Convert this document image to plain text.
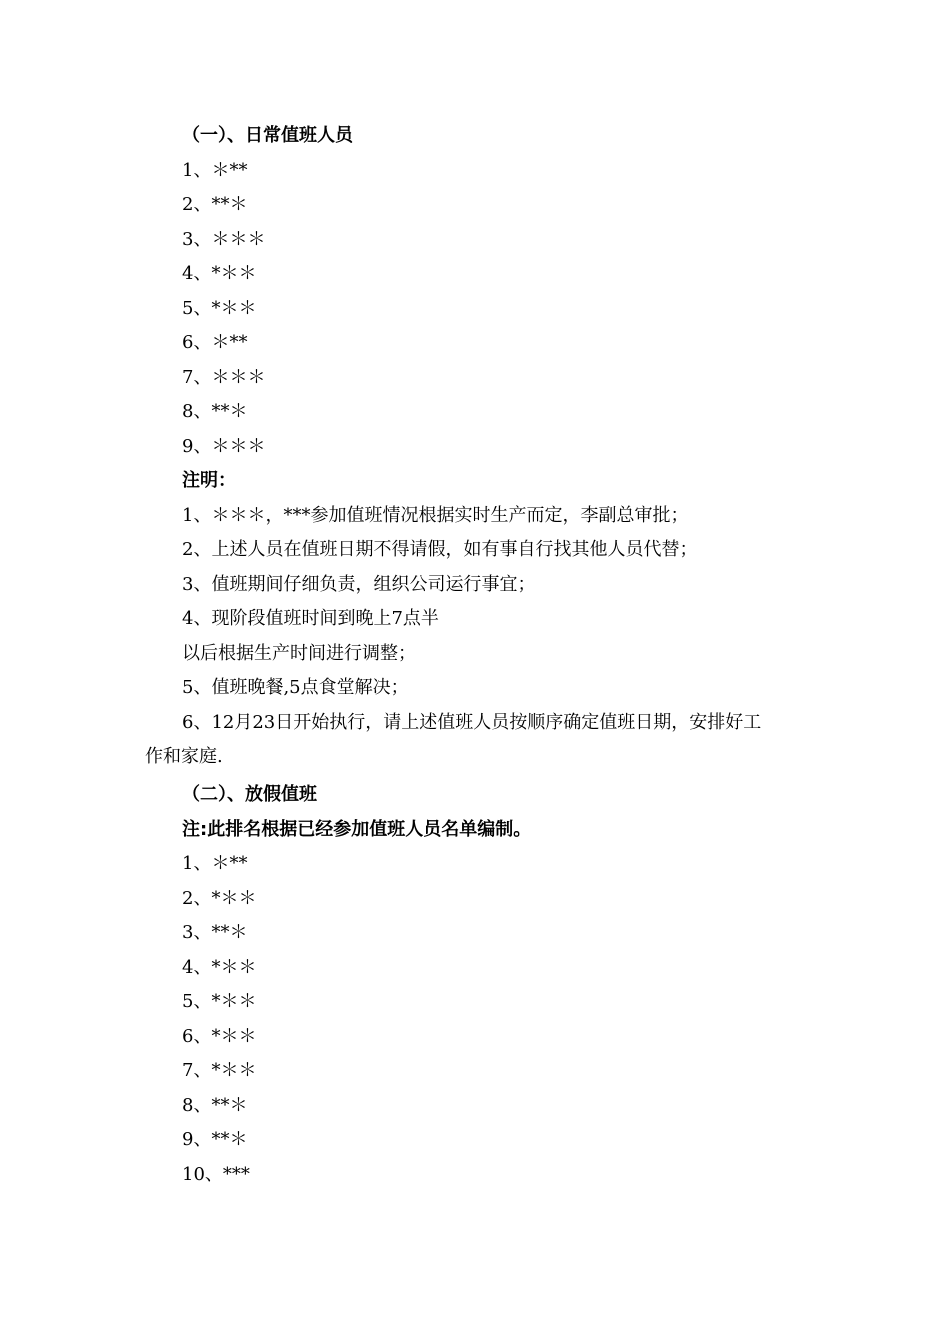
（一）、日常值班人员
1、＊**
2、**＊
3、＊＊＊
4、*＊＊
5、*＊＊
6、＊**
7、＊＊＊
8、**＊
9、＊＊＊
注明：
1、＊＊＊，***参加值班情况根据实时生产而定，李副总审批；
2、上述人员在值班日期不得请假，如有事自行找其他人员代替；
3、值班期间仔细负责，组织公司运行事宜；
4、现阶段值班时间到晚上7点半
以后根据生产时间进行调整；
5、值班晚餐,5点食堂解决；
6、12月23日开始执行，请上述值班人员按顺序确定值班日期，安排好工
作和家庭.
（二）、放假值班
注:此排名根据已经参加值班人员名单编制。
1、＊**
2、*＊＊
3、**＊
4、*＊＊
5、*＊＊
6、*＊＊
7、*＊＊
8、**＊
9、**＊
10、***
